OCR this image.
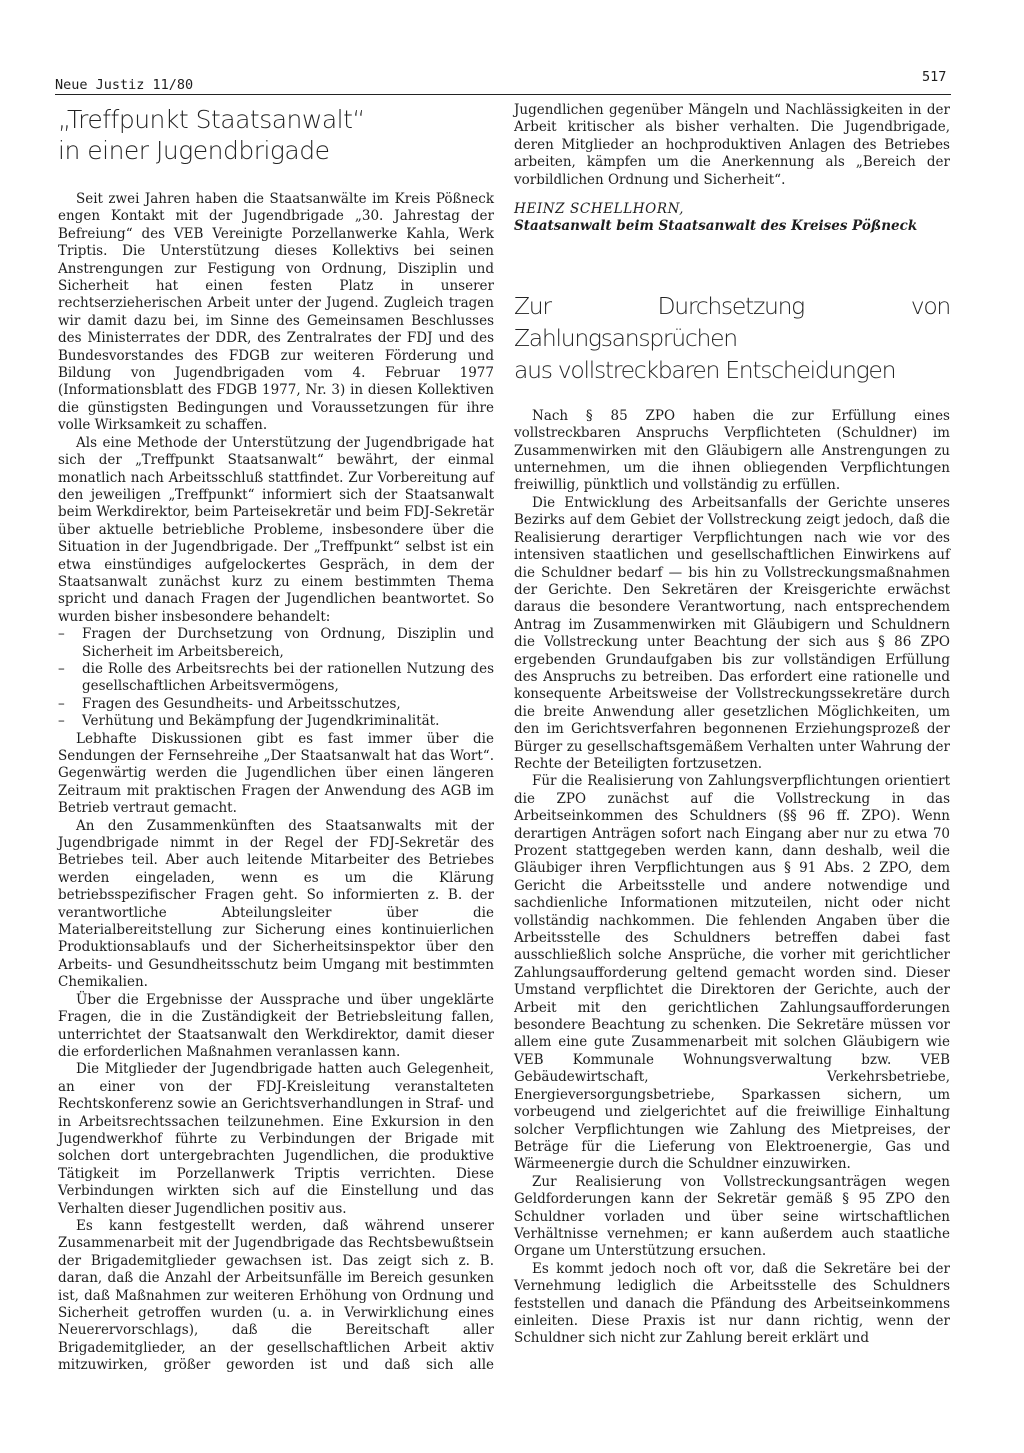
Neue Justiz 11/80	517
„Treffpunkt Staatsanwalt“
in einer Jugendbrigade

Seit zwei Jahren haben die Staatsanwälte im Kreis Pößneck engen Kontakt mit der Jugendbrigade „30. Jahrestag der Befreiung“ des VEB Vereinigte Porzellanwerke Kahla, Werk Triptis. Die Unterstützung dieses Kollektivs bei seinen Anstrengungen zur Festigung von Ordnung, Disziplin und Sicherheit hat einen festen Platz in unserer rechtserzieherischen Arbeit unter der Jugend. Zugleich tragen wir damit dazu bei, im Sinne des Gemeinsamen Beschlusses des Ministerrates der DDR, des Zentralrates der FDJ und des Bundesvorstandes des FDGB zur weiteren Förderung und Bildung von Jugendbrigaden vom 4. Februar 1977 (Informationsblatt des FDGB 1977, Nr. 3) in diesen Kollektiven die günstigsten Bedingungen und Voraussetzungen für ihre volle Wirksamkeit zu schaffen.

Als eine Methode der Unterstützung der Jugendbrigade hat sich der „Treffpunkt Staatsanwalt“ bewährt, der einmal monatlich nach Arbeitsschluß stattfindet. Zur Vorbereitung auf den jeweiligen „Treffpunkt“ informiert sich der Staatsanwalt beim Werkdirektor, beim Parteisekretär und beim FDJ-Sekretär über aktuelle betriebliche Probleme, insbesondere über die Situation in der Jugendbrigade. Der „Treffpunkt“ selbst ist ein etwa einstündiges aufgelockertes Gespräch, in dem der Staatsanwalt zunächst kurz zu einem bestimmten Thema spricht und danach Fragen der Jugendlichen beantwortet. So wurden bisher insbesondere behandelt:

– Fragen der Durchsetzung von Ordnung, Disziplin und Sicherheit im Arbeitsbereich,
– die Rolle des Arbeitsrechts bei der rationellen Nutzung des gesellschaftlichen Arbeitsvermögens,
– Fragen des Gesundheits- und Arbeitsschutzes,
– Verhütung und Bekämpfung der Jugendkriminalität.

Lebhafte Diskussionen gibt es fast immer über die Sendungen der Fernsehreihe „Der Staatsanwalt hat das Wort“. Gegenwärtig werden die Jugendlichen über einen längeren Zeitraum mit praktischen Fragen der Anwendung des AGB im Betrieb vertraut gemacht.

An den Zusammenkünften des Staatsanwalts mit der Jugendbrigade nimmt in der Regel der FDJ-Sekretär des Betriebes teil. Aber auch leitende Mitarbeiter des Betriebes werden eingeladen, wenn es um die Klärung betriebsspezifischer Fragen geht. So informierten z. B. der verantwortliche Abteilungsleiter über die Materialbereitstellung zur Sicherung eines kontinuierlichen Produktionsablaufs und der Sicherheitsinspektor über den Arbeits- und Gesundheitsschutz beim Umgang mit bestimmten Chemikalien.

Über die Ergebnisse der Aussprache und über ungeklärte Fragen, die in die Zuständigkeit der Betriebsleitung fallen, unterrichtet der Staatsanwalt den Werkdirektor, damit dieser die erforderlichen Maßnahmen veranlassen kann.

Die Mitglieder der Jugendbrigade hatten auch Gelegenheit, an einer von der FDJ-Kreisleitung veranstalteten Rechtskonferenz sowie an Gerichtsverhandlungen in Straf- und in Arbeitsrechtssachen teilzunehmen. Eine Exkursion in den Jugendwerkhof führte zu Verbindungen der Brigade mit solchen dort untergebrachten Jugendlichen, die produktive Tätigkeit im Porzellanwerk Triptis verrichten. Diese Verbindungen wirkten sich auf die Einstellung und das Verhalten dieser Jugendlichen positiv aus.

Es kann festgestellt werden, daß während unserer Zusammenarbeit mit der Jugendbrigade das Rechtsbewußtsein der Brigademitglieder gewachsen ist. Das zeigt sich z. B. daran, daß die Anzahl der Arbeitsunfälle im Bereich gesunken ist, daß Maßnahmen zur weiteren Erhöhung von Ordnung und Sicherheit getroffen wurden (u. a. in Verwirklichung eines Neuerervorschlags), daß die Bereitschaft aller Brigademitglieder, an der gesellschaftlichen Arbeit aktiv mitzuwirken, größer geworden ist und daß sich alle

Jugendlichen gegenüber Mängeln und Nachlässigkeiten in der Arbeit kritischer als bisher verhalten. Die Jugendbrigade, deren Mitglieder an hochproduktiven Anlagen des Betriebes arbeiten, kämpfen um die Anerkennung als „Bereich der vorbildlichen Ordnung und Sicherheit“.

HEINZ SCHELLHORN,
Staatsanwalt beim Staatsanwalt des Kreises Pößneck
Zur Durchsetzung von Zahlungsansprüchen
aus vollstreckbaren Entscheidungen

Nach § 85 ZPO haben die zur Erfüllung eines vollstreckbaren Anspruchs Verpflichteten (Schuldner) im Zusammenwirken mit den Gläubigern alle Anstrengungen zu unternehmen, um die ihnen obliegenden Verpflichtungen freiwillig, pünktlich und vollständig zu erfüllen.

Die Entwicklung des Arbeitsanfalls der Gerichte unseres Bezirks auf dem Gebiet der Vollstreckung zeigt jedoch, daß die Realisierung derartiger Verpflichtungen nach wie vor des intensiven staatlichen und gesellschaftlichen Einwirkens auf die Schuldner bedarf — bis hin zu Vollstreckungsmaßnahmen der Gerichte. Den Sekretären der Kreisgerichte erwächst daraus die besondere Verantwortung, nach entsprechendem Antrag im Zusammenwirken mit Gläubigern und Schuldnern die Vollstreckung unter Beachtung der sich aus § 86 ZPO ergebenden Grundaufgaben bis zur vollständigen Erfüllung des Anspruchs zu betreiben. Das erfordert eine rationelle und konsequente Arbeitsweise der Vollstreckungssekretäre durch die breite Anwendung aller gesetzlichen Möglichkeiten, um den im Gerichtsverfahren begonnenen Erziehungsprozeß der Bürger zu gesellschaftsgemäßem Verhalten unter Wahrung der Rechte der Beteiligten fortzusetzen.

Für die Realisierung von Zahlungsverpflichtungen orientiert die ZPO zunächst auf die Vollstreckung in das Arbeitseinkommen des Schuldners (§§ 96 ff. ZPO). Wenn derartigen Anträgen sofort nach Eingang aber nur zu etwa 70 Prozent stattgegeben werden kann, dann deshalb, weil die Gläubiger ihren Verpflichtungen aus § 91 Abs. 2 ZPO, dem Gericht die Arbeitsstelle und andere notwendige und sachdienliche Informationen mitzuteilen, nicht oder nicht vollständig nachkommen. Die fehlenden Angaben über die Arbeitsstelle des Schuldners betreffen dabei fast ausschließlich solche Ansprüche, die vorher mit gerichtlicher Zahlungsaufforderung geltend gemacht worden sind. Dieser Umstand verpflichtet die Direktoren der Gerichte, auch der Arbeit mit den gerichtlichen Zahlungsaufforderungen besondere Beachtung zu schenken. Die Sekretäre müssen vor allem eine gute Zusammenarbeit mit solchen Gläubigern wie VEB Kommunale Wohnungsverwaltung bzw. VEB Gebäudewirtschaft, Verkehrsbetriebe, Energieversorgungsbetriebe, Sparkassen sichern, um vorbeugend und zielgerichtet auf die freiwillige Einhaltung solcher Verpflichtungen wie Zahlung des Mietpreises, der Beträge für die Lieferung von Elektroenergie, Gas und Wärmeenergie durch die Schuldner einzuwirken.

Zur Realisierung von Vollstreckungsanträgen wegen Geldforderungen kann der Sekretär gemäß § 95 ZPO den Schuldner vorladen und über seine wirtschaftlichen Verhältnisse vernehmen; er kann außerdem auch staatliche Organe um Unterstützung ersuchen.

Es kommt jedoch noch oft vor, daß die Sekretäre bei der Vernehmung lediglich die Arbeitsstelle des Schuldners feststellen und danach die Pfändung des Arbeitseinkommens einleiten. Diese Praxis ist nur dann richtig, wenn der Schuldner sich nicht zur Zahlung bereit erklärt und
